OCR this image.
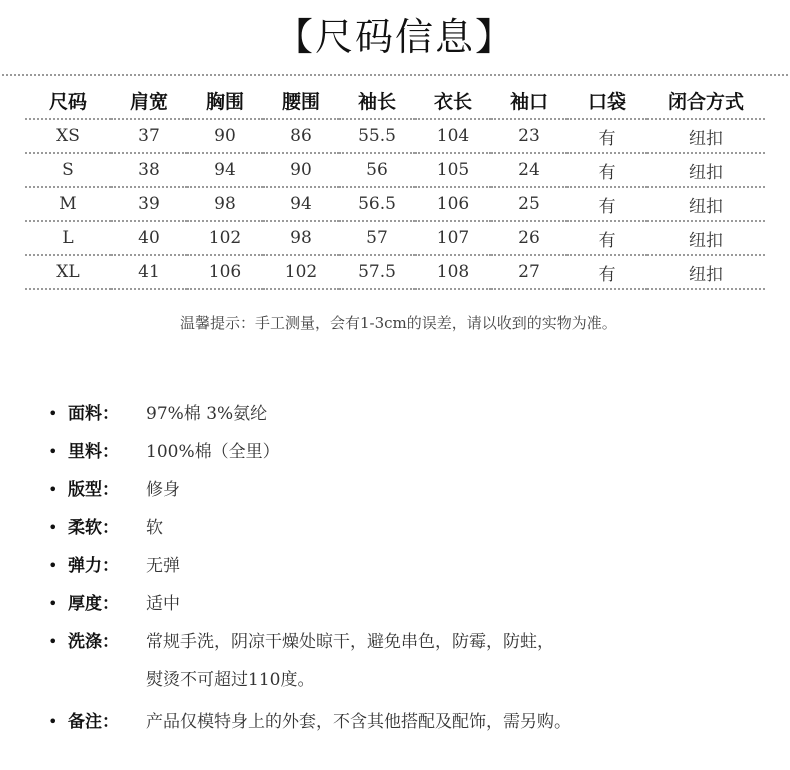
【尺码信息】
尺码	肩宽	胸围	腰围	袖长	衣长	袖口	口袋	闭合方式
XS	37	90	86	55.5	104	23	有	纽扣
S	38	94	90	56	105	24	有	纽扣
M	39	98	94	56.5	106	25	有	纽扣
L	40	102	98	57	107	26	有	纽扣
XL	41	106	102	57.5	108	27	有	纽扣
温馨提示：手工测量，会有1-3cm的误差，请以收到的实物为准。
• 面料：	97%棉 3%氨纶
• 里料：	100%棉（全里）
• 版型：	修身
• 柔软：	软
• 弹力：	无弹
• 厚度：	适中
• 洗涤：	常规手洗，阴凉干燥处晾干，避免串色，防霉，防蛀，
熨烫不可超过110度。
• 备注：	产品仅模特身上的外套，不含其他搭配及配饰，需另购。
